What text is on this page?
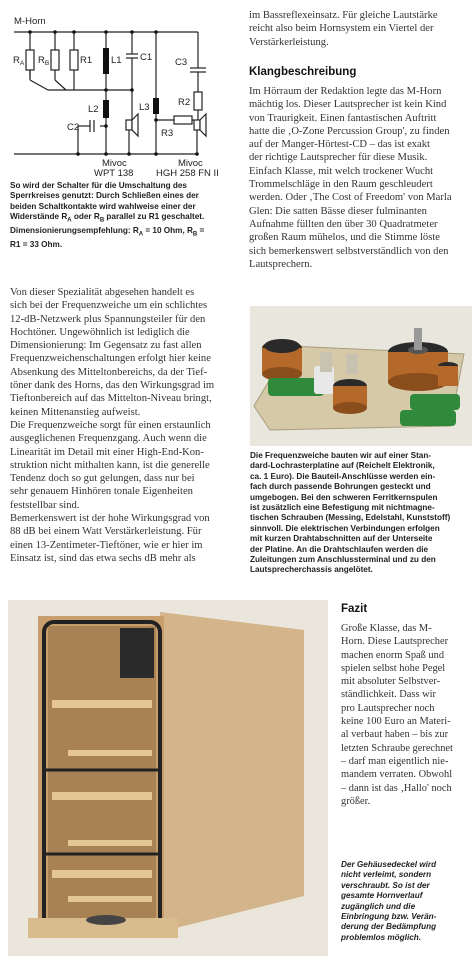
M-Horn
$R_A$ $R_B$	R1 L1 C1
L2
C2
C3
R2
L3
R3
Mivoc
WPT 138
Mivoc
HGH 258 FN II
So wird der Schalter für die Umschaltung des
Sperrkreises genutzt: Durch Schließen eines der
beiden Schaltkontakte wird wahlweise einer der
Widerstände $R_A$ oder $R_B$ parallel zu R1 geschaltet.
Dimensionierungsempfehlung: $R_A = 10$ Ohm, $R_B$ =
R1 = 33 Ohm.
im Bassreflexeinsatz. Für gleiche Lautstärke
reicht also beim Hornsystem ein Viertel der
Verstärkerleistung.
Klangbeschreibung
Im Hörraum der Redaktion legte das M-Horn
mächtig los. Dieser Lautsprecher ist kein Kind
von Traurigkeit. Einen fantastischen Auftritt
hatte die ‚O-Zone Percussion Group', zu finden
auf der Manger-Hörtest-CD – das ist exakt
der richtige Lautsprecher für diese Musik.
Einfach Klasse, mit welch trockener Wucht
Trommelschläge in den Raum geschleudert
werden. Oder ‚The Cost of Freedom' von Marla
Glen: Die satten Bässe dieser fulminanten
Aufnahme füllten den über 30 Quadratmeter
großen Raum mühelos, und die Stimme löste
sich bemerkenswert selbstverständlich von den
Lautsprechern.
Von dieser Spezialität abgesehen handelt es
sich bei der Frequenzweiche um ein schlichtes
12-dB-Netzwerk plus Spannungsteiler für den
Hochtöner. Ungewöhnlich ist lediglich die
Dimensionierung: Im Gegensatz zu fast allen
Frequenzweichenschaltungen erfolgt hier keine
Absenkung des Mitteltonbereichs, da der Tief-
töner dank des Horns, das den Wirkungsgrad im
Tieftonbereich auf das Mittelton-Niveau bringt,
keinen Mittenanstieg aufweist.
Die Frequenzweiche sorgt für einen erstaunlich
ausgeglichenen Frequenzgang. Auch wenn die
Linearität im Detail mit einer High-End-Kon-
struktion nicht mithalten kann, ist die generelle
Tendenz doch so gut gelungen, dass nur bei
sehr genauem Hinhören tonale Eigenheiten
feststellbar sind.
Bemerkenswert ist der hohe Wirkungsgrad von
88 dB bei einem Watt Verstärkerleistung. Für
einen 13-Zentimeter-Tieftöner, wie er hier im
Einsatz ist, sind das etwa sechs dB mehr als
Die Frequenzweiche bauten wir auf einer Stan-
dard-Lochrasterplatine auf (Reichelt Elektronik,
ca. 1 Euro). Die Bauteil-Anschlüsse werden ein-
fach durch passende Bohrungen gesteckt und
umgebogen. Bei den schweren Ferritkernspulen
ist zusätzlich eine Befestigung mit nichtmagne-
tischen Schrauben (Messing, Edelstahl, Kunststoff)
sinnvoll. Die elektrischen Verbindungen erfolgen
mit kurzen Drahtabschnitten auf der Unterseite
der Platine. An die Drahtschlaufen werden die
Zuleitungen zum Anschlussterminal und zu den
Lautsprecherchassis angelötet.
Fazit
Große Klasse, das M-
Horn. Diese Lautsprecher
machen enorm Spaß und
spielen selbst hohe Pegel
mit absoluter Selbstver-
ständlichkeit. Dass wir
pro Lautsprecher noch
keine 100 Euro an Materi-
al verbaut haben – bis zur
letzten Schraube gerechnet
– darf man eigentlich nie-
mandem verraten. Obwohl
– dann ist das ‚Hallo' noch
größer.
Der Gehäusedeckel wird
nicht verleimt, sondern
verschraubt. So ist der
gesamte Hornverlauf
zugänglich und die
Einbringung bzw. Verän-
derung der Bedämpfung
problemlos möglich.
